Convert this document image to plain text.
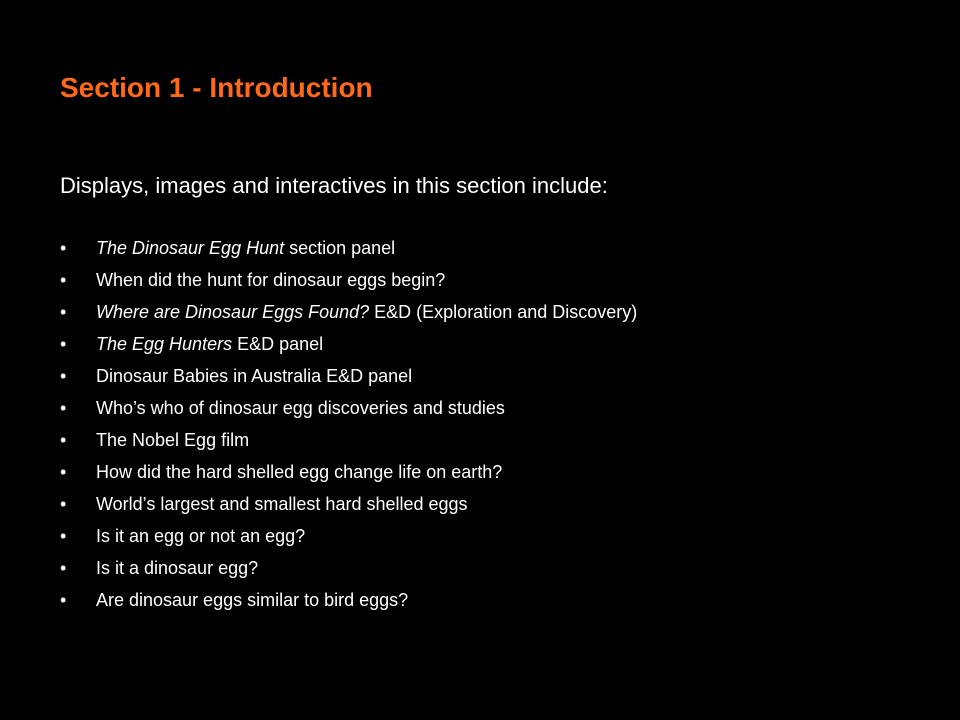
Section 1 - Introduction

Displays, images and interactives in this section include:

• The Dinosaur Egg Hunt section panel
• When did the hunt for dinosaur eggs begin?
• Where are Dinosaur Eggs Found? E&D (Exploration and Discovery)
• The Egg Hunters E&D panel
• Dinosaur Babies in Australia E&D panel
• Who’s who of dinosaur egg discoveries and studies
• The Nobel Egg film
• How did the hard shelled egg change life on earth?
• World’s largest and smallest hard shelled eggs
• Is it an egg or not an egg?
• Is it a dinosaur egg?
• Are dinosaur eggs similar to bird eggs?
